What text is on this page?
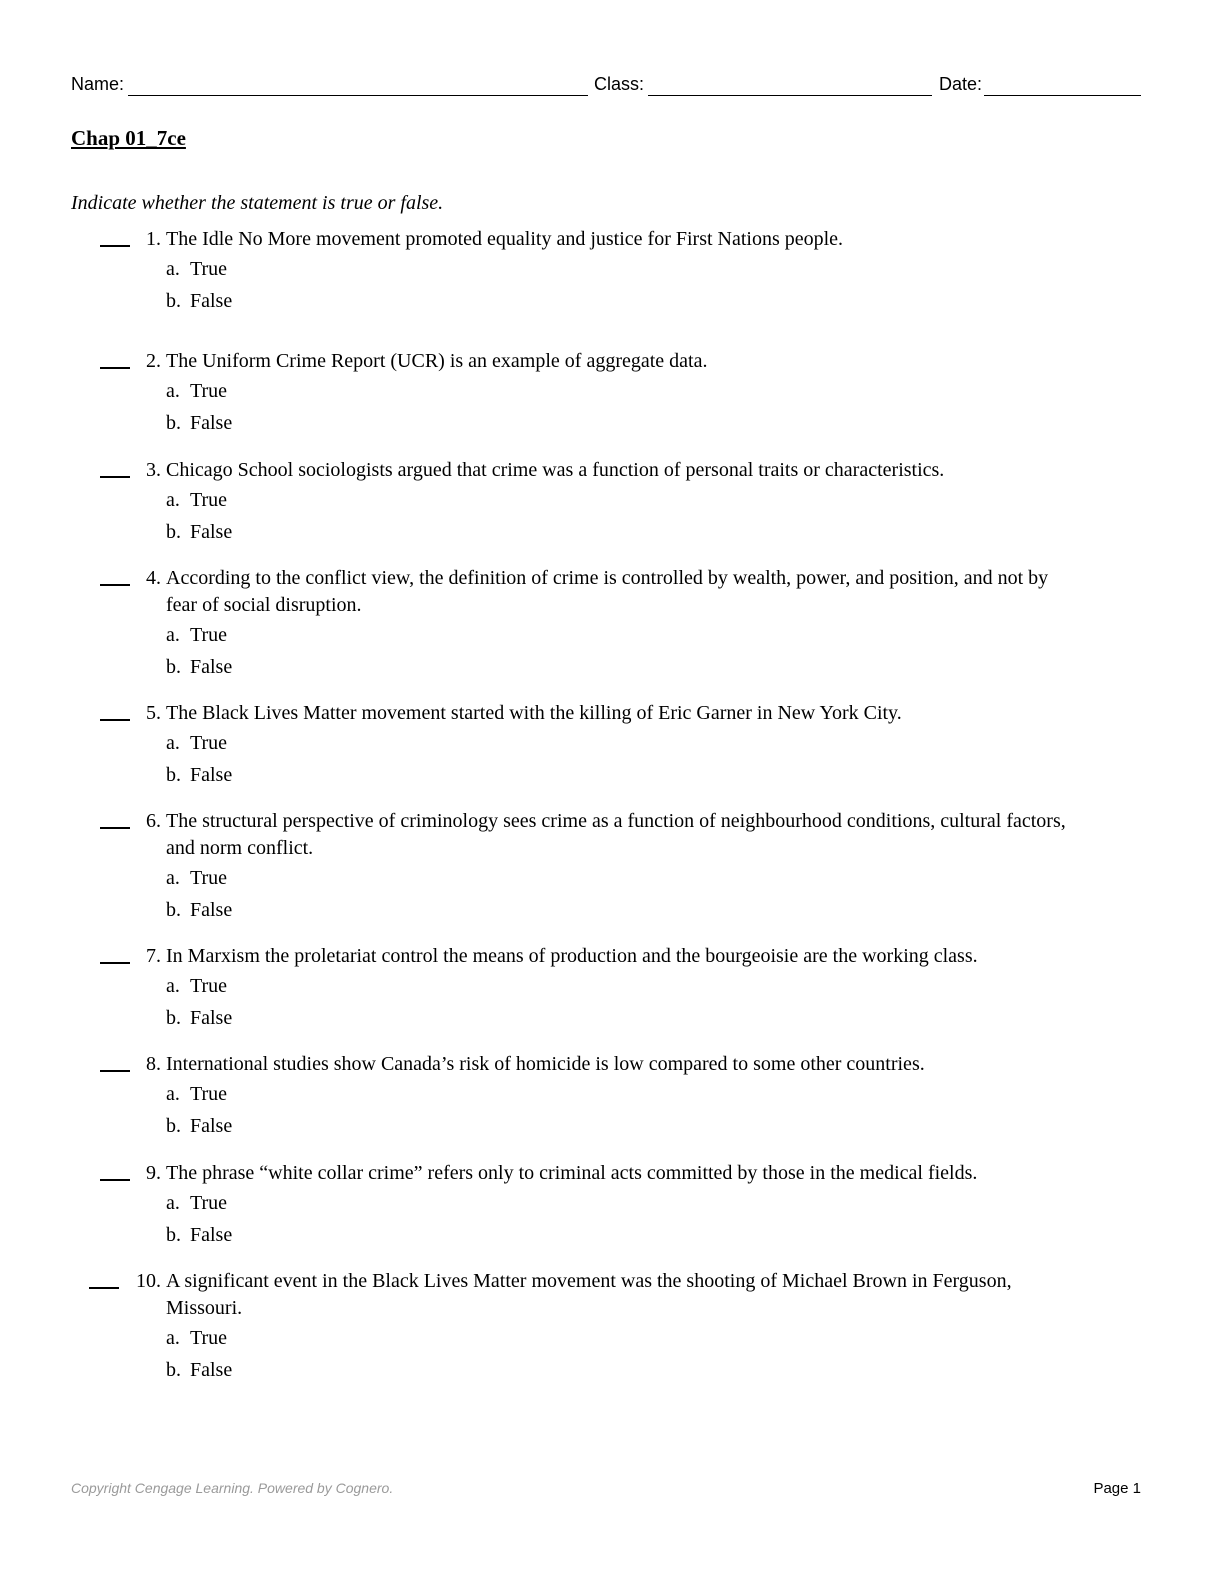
Name:	Class:	Date:
Chap 01_7ce
Indicate whether the statement is true or false.
1. The Idle No More movement promoted equality and justice for First Nations people.
a. True
b. False
2. The Uniform Crime Report (UCR) is an example of aggregate data.
a. True
b. False
3. Chicago School sociologists argued that crime was a function of personal traits or characteristics.
a. True
b. False
4. According to the conflict view, the definition of crime is controlled by wealth, power, and position, and not by
fear of social disruption.
a. True
b. False
5. The Black Lives Matter movement started with the killing of Eric Garner in New York City.
a. True
b. False
6. The structural perspective of criminology sees crime as a function of neighbourhood conditions, cultural factors,
and norm conflict.
a. True
b. False
7. In Marxism the proletariat control the means of production and the bourgeoisie are the working class.
a. True
b. False
8. International studies show Canada’s risk of homicide is low compared to some other countries.
a. True
b. False
9. The phrase “white collar crime” refers only to criminal acts committed by those in the medical fields.
a. True
b. False
10. A significant event in the Black Lives Matter movement was the shooting of Michael Brown in Ferguson,
Missouri.
a. True
b. False
Copyright Cengage Learning. Powered by Cognero.	Page 1
